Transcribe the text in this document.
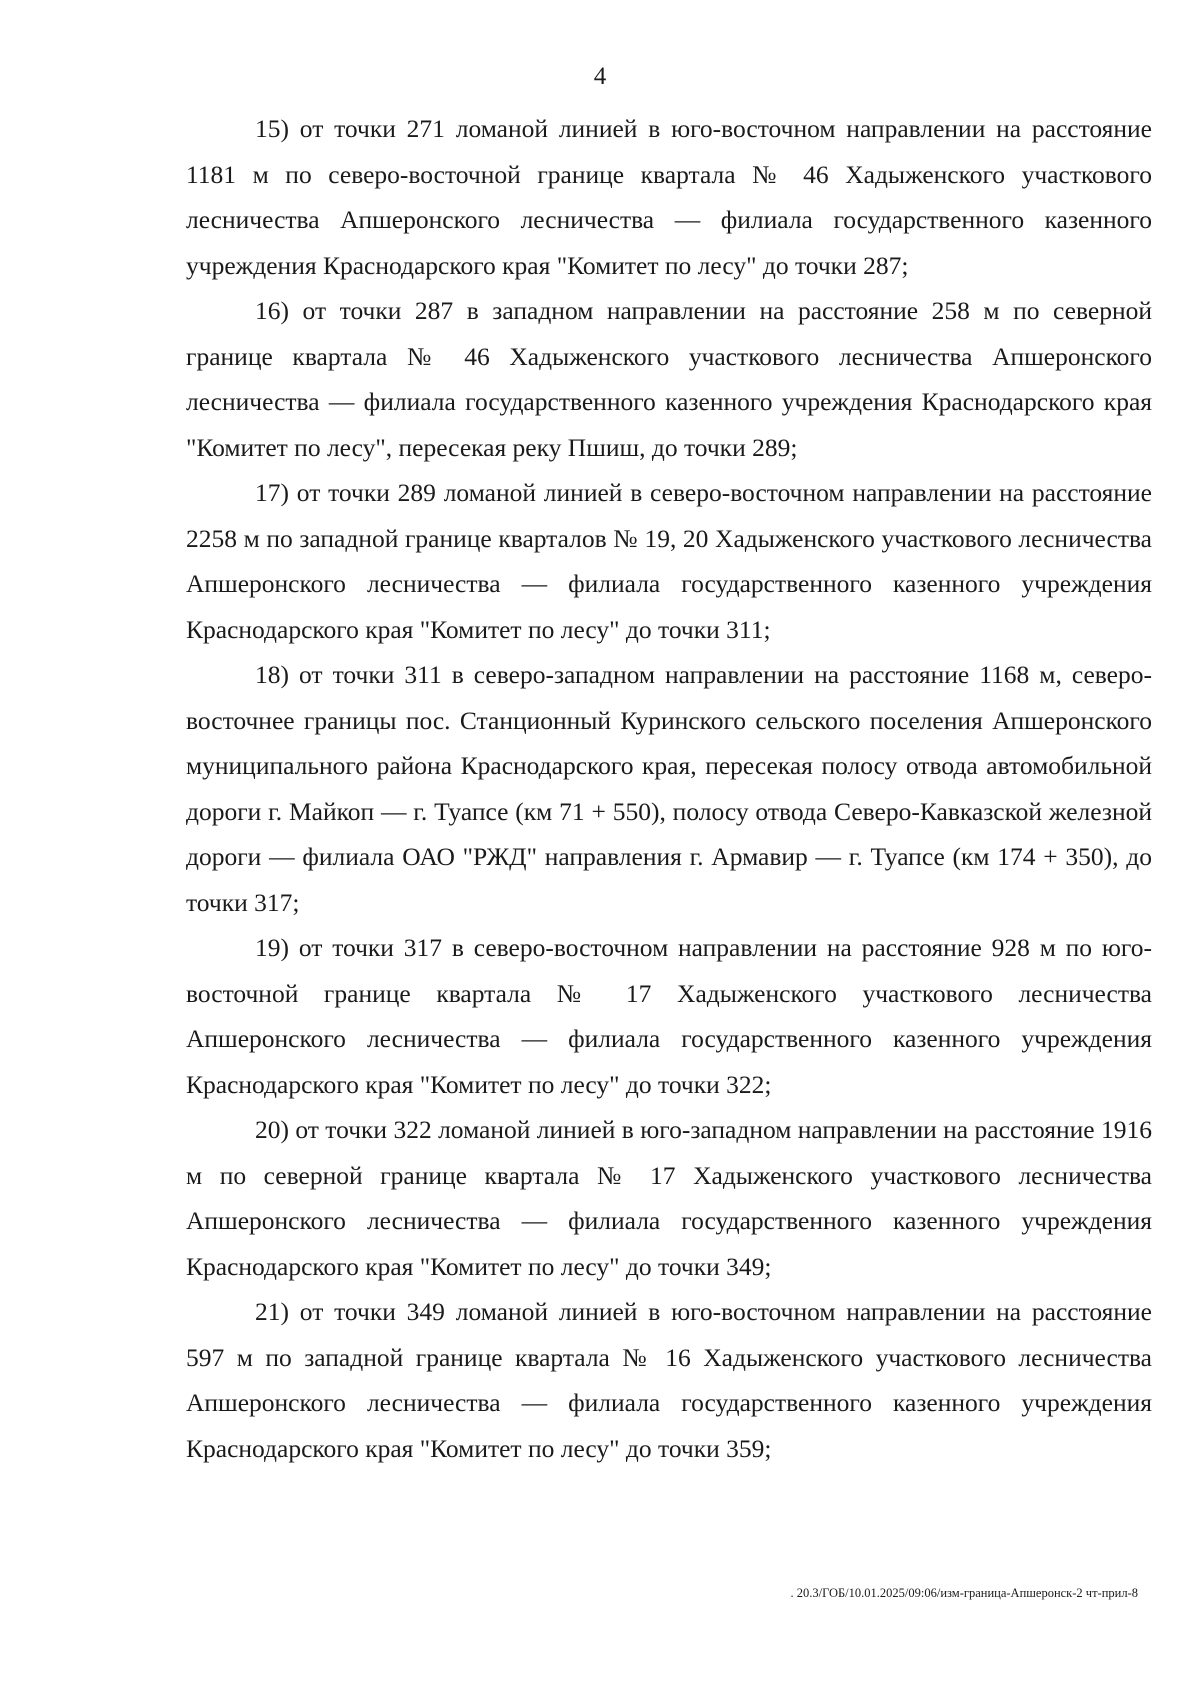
4

15) от точки 271 ломаной линией в юго-восточном направлении на расстояние 1181 м по северо-восточной границе квартала № 46 Хадыженского участкового лесничества Апшеронского лесничества — филиала государственного казенного учреждения Краснодарского края "Комитет по лесу" до точки 287;

16) от точки 287 в западном направлении на расстояние 258 м по северной границе квартала № 46 Хадыженского участкового лесничества Апшеронского лесничества — филиала государственного казенного учреждения Краснодарского края "Комитет по лесу", пересекая реку Пшиш, до точки 289;

17) от точки 289 ломаной линией в северо-восточном направлении на расстояние 2258 м по западной границе кварталов № 19, 20 Хадыженского участкового лесничества Апшеронского лесничества — филиала государственного казенного учреждения Краснодарского края "Комитет по лесу" до точки 311;

18) от точки 311 в северо-западном направлении на расстояние 1168 м, северо-восточнее границы пос. Станционный Куринского сельского поселения Апшеронского муниципального района Краснодарского края, пересекая полосу отвода автомобильной дороги г. Майкоп — г. Туапсе (км 71 + 550), полосу отвода Северо-Кавказской железной дороги — филиала ОАО "РЖД" направления г. Армавир — г. Туапсе (км 174 + 350), до точки 317;

19) от точки 317 в северо-восточном направлении на расстояние 928 м по юго-восточной границе квартала № 17 Хадыженского участкового лесничества Апшеронского лесничества — филиала государственного казенного учреждения Краснодарского края "Комитет по лесу" до точки 322;

20) от точки 322 ломаной линией в юго-западном направлении на расстояние 1916 м по северной границе квартала № 17 Хадыженского участкового лесничества Апшеронского лесничества — филиала государственного казенного учреждения Краснодарского края "Комитет по лесу" до точки 349;

21) от точки 349 ломаной линией в юго-восточном направлении на расстояние 597 м по западной границе квартала № 16 Хадыженского участкового лесничества Апшеронского лесничества — филиала государственного казенного учреждения Краснодарского края "Комитет по лесу" до точки 359;

. 20.3/ГОБ/10.01.2025/09:06/изм-граница-Апшеронск-2 чт-прил-8
